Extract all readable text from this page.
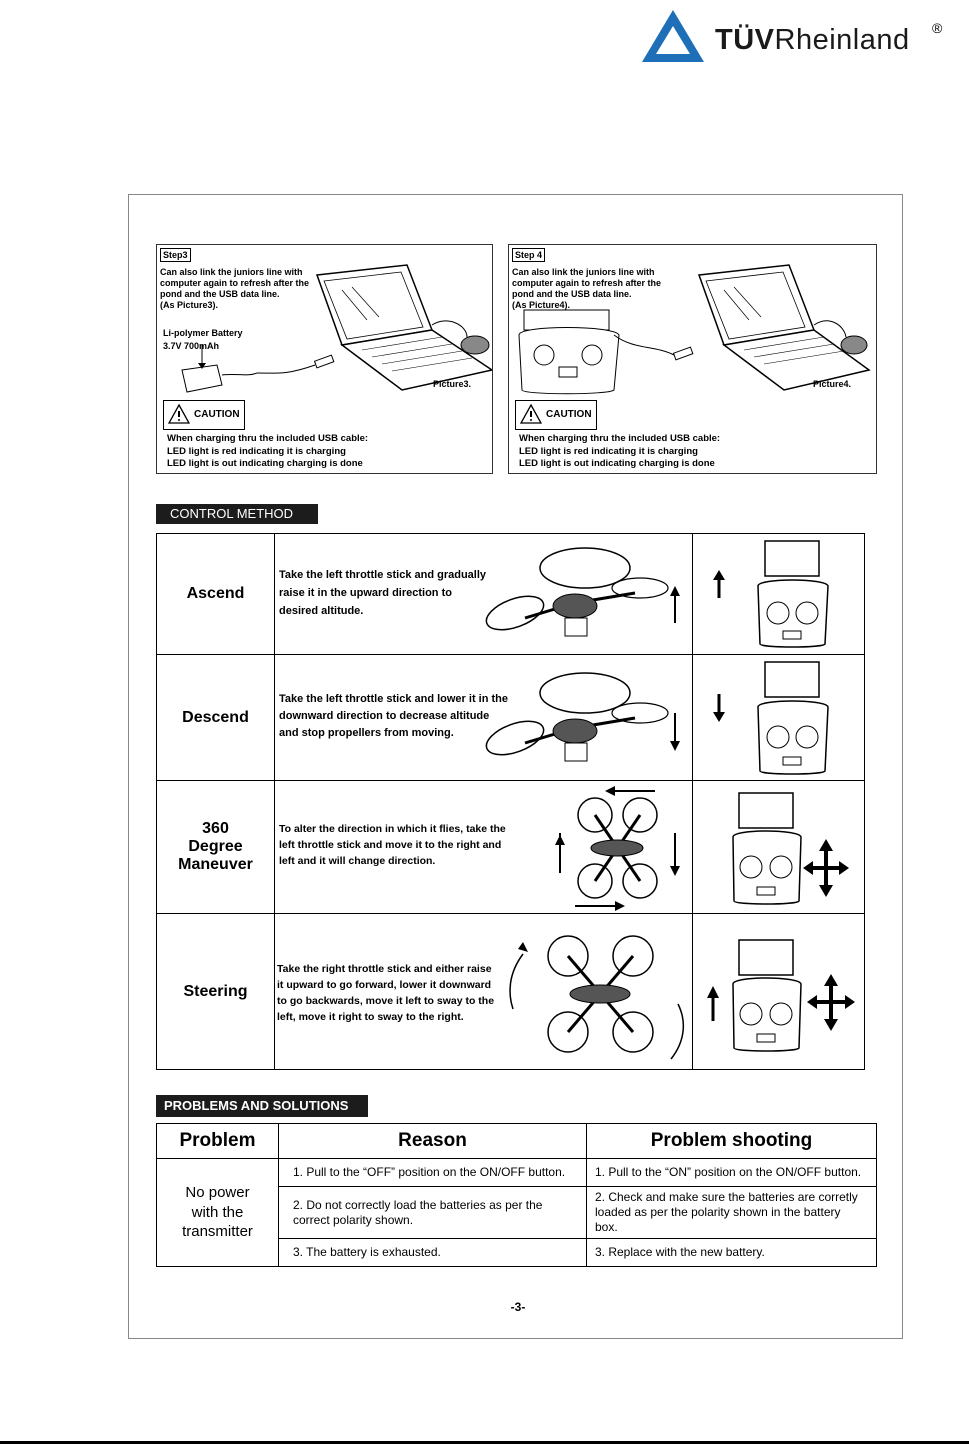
TÜVRheinland ®
Step3
Can also link the juniors line with
computer again to refresh after the
pond and the USB data line.
(As Picture3).
Li-polymer Battery
3.7V
Picture3.
CAUTION
When charging thru the included USB cable:
LED light is red indicating it is charging
LED light is out indicating charging is done
Step 4
Can also link the juniors line with
computer again to refresh after the
pond and the USB data line.
(As Picture4).
Picture4.
CAUTION
When charging thru the included USB cable:
LED light is red indicating it is charging
LED light is out indicating charging is done
CONTROL METHOD
Ascend
Take the left throttle stick and gradually
raise it in the upward direction to
desired altitude.
Descend
Take the left throttle stick and lower it in the
downward direction to decrease altitude
and stop propellers from moving.
360
Degree
Maneuver
To alter the direction in which it flies, take the
left throttle stick and move it to the right and
left and it will change direction.
Steering
Take the right throttle stick and either raise
it upward to go forward, lower it downward
to go backwards, move it left to sway to the
left, move it right to sway to the right.
PROBLEMS AND SOLUTIONS
Problem	Reason	Problem shooting
No power
with the
transmitter	1. Pull to the “OFF” position on the ON/OFF button.	1. Pull to the “ON” position on the ON/OFF button.

	2. Do not correctly load the batteries as per the
correct polarity shown.	2. Check and make sure the batteries are corretly
loaded as per the polarity shown in the battery
box.

	3. The battery is exhausted.	3. Replace with the new battery.
-3-
